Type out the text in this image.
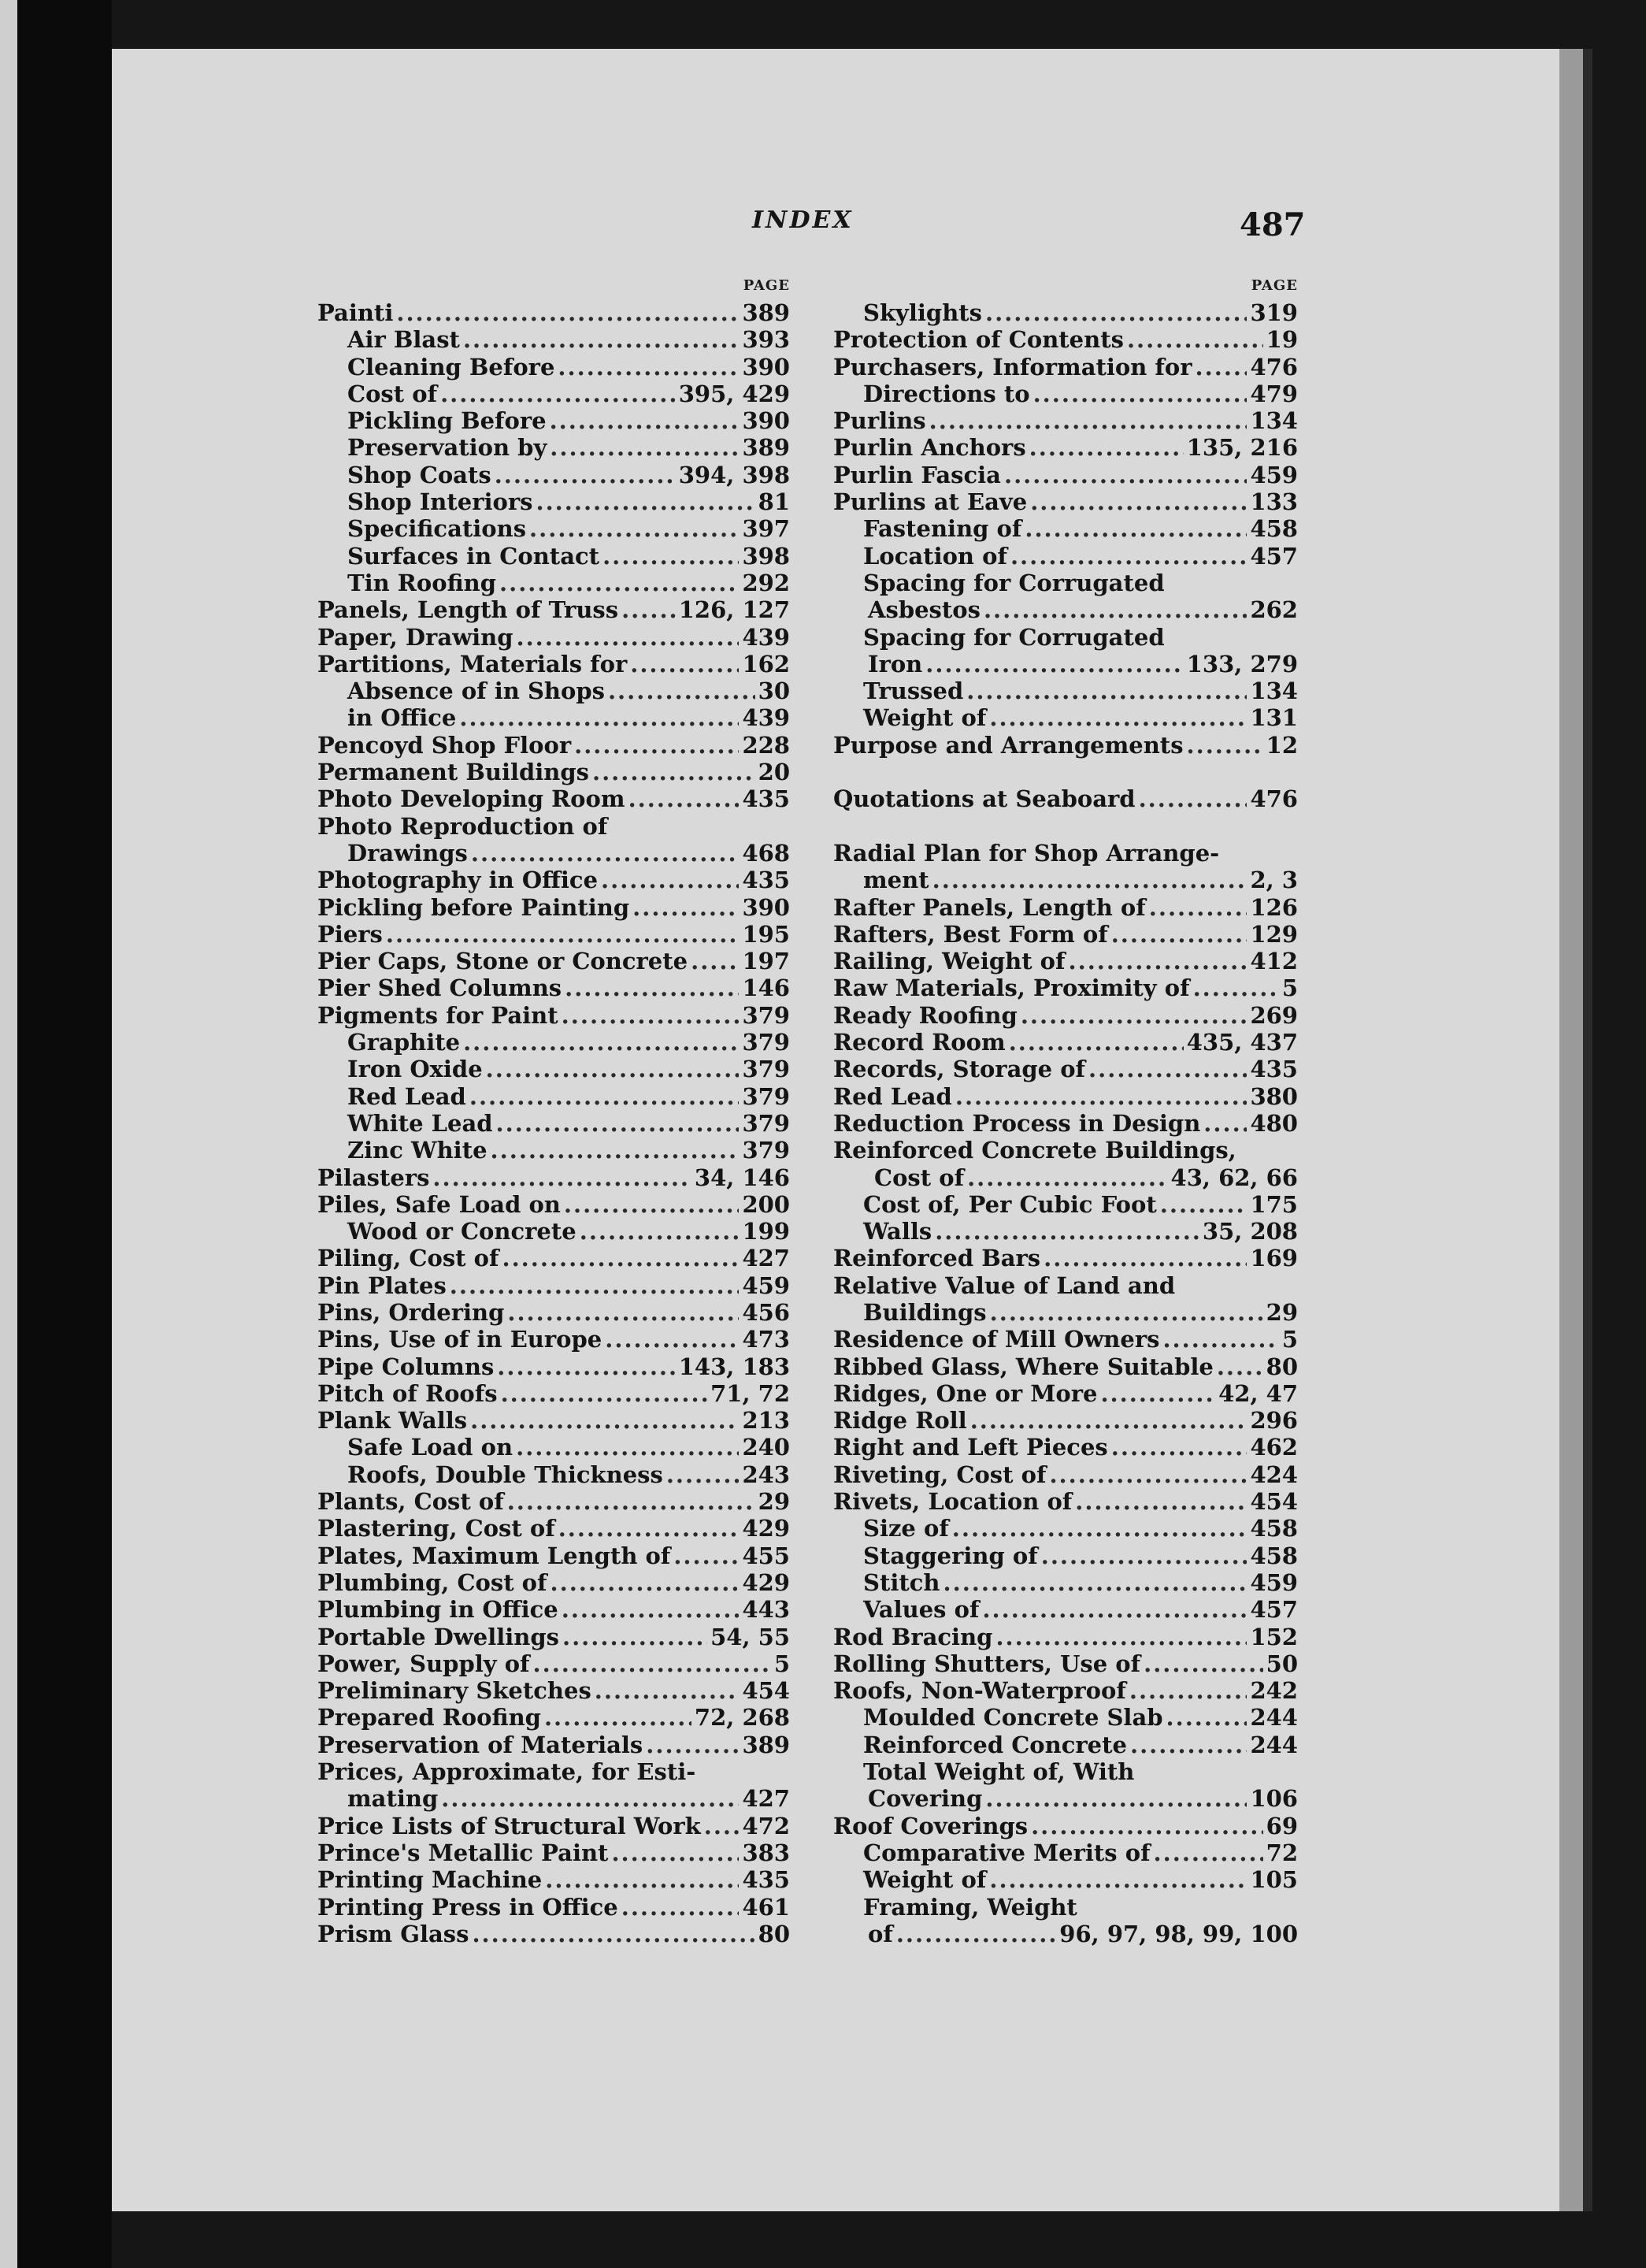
INDEX	487
PAGE
Painti .....	389
Air Blast .....	393
Cleaning Before .....	390
Cost of .....	395, 429
Pickling Before .....	390
Preservation by .....	389
Shop Coats .....	394, 398
Shop Interiors .....	81
Specifications .....	397
Surfaces in Contact .....	398
Tin Roofing .....	292
Panels, Length of Truss .....	126, 127
Paper, Drawing .....	439
Partitions, Materials for .....	162
Absence of in Shops .....	30
in Office .....	439
Pencoyd Shop Floor .....	228
Permanent Buildings .....	20
Photo Developing Room .....	435
Photo Reproduction of
Drawings .....	468
Photography in Office .....	435
Pickling before Painting .....	390
Piers .....	195
Pier Caps, Stone or Concrete ..... 197
Pier Shed Columns .....	146
Pigments for Paint .....	379
Graphite .....	379
Iron Oxide .....	379
Red Lead .....	379
White Lead .....	379
Zinc White .....	379
Pilasters .....	34, 146
Piles, Safe Load on .....	200
Wood or Concrete .....	199
Piling, Cost of .....	427
Pin Plates .....	459
Pins, Ordering .....	456
Pins, Use of in Europe .....	473
Pipe Columns .....	143, 183
Pitch of Roofs .....	71, 72
Plank Walls .....	213
Safe Load on .....	240
Roofs, Double Thickness .....	243
Plants, Cost of .....	29
Plastering, Cost of .....	429
Plates, Maximum Length of .....	455
Plumbing, Cost of .....	429
Plumbing in Office .....	443
Portable Dwellings .....	54, 55
Power, Supply of .....	5
Preliminary Sketches .....	454
Prepared Roofing .....	72, 268
Preservation of Materials .....	389
Prices, Approximate, for Esti-
mating .....	427
Price Lists of Structural Work ..... 472
Prince's Metallic Paint .....	383
Printing Machine .....	435
Printing Press in Office .....	461
Prism Glass .....	80
PAGE
Skylights .....	319
Protection of Contents .....	19
Purchasers, Information for .....	476
Directions to .....	479
Purlins .....	134
Purlin Anchors .....	135, 216
Purlin Fascia .....	459
Purlins at Eave .....	133
Fastening of .....	458
Location of .....	457
Spacing for Corrugated
Asbestos .....	262
Spacing for Corrugated
Iron .....	133, 279
Trussed .....	134
Weight of .....	131
Purpose and Arrangements .....	12
Quotations at Seaboard .....	476
Radial Plan for Shop Arrange-
ment .....	2, 3
Rafter Panels, Length of .....	126
Rafters, Best Form of .....	129
Railing, Weight of .....	412
Raw Materials, Proximity of .....	5
Ready Roofing .....	269
Record Room .....	435, 437
Records, Storage of .....	435
Red Lead .....	380
Reduction Process in Design ..... 480
Reinforced Concrete Buildings,
Cost of .....	43, 62, 66
Cost of, Per Cubic Foot .....	175
Walls .....	35, 208
Reinforced Bars .....	169
Relative Value of Land and
Buildings .....	29
Residence of Mill Owners .....	5
Ribbed Glass, Where Suitable ..... 80
Ridges, One or More .....	42, 47
Ridge Roll .....	296
Right and Left Pieces .....	462
Riveting, Cost of .....	424
Rivets, Location of .....	454
Size of .....	458
Staggering of .....	458
Stitch .....	459
Values of .....	457
Rod Bracing .....	152
Rolling Shutters, Use of .....	50
Roofs, Non-Waterproof .....	242
Moulded Concrete Slab .....	244
Reinforced Concrete .....	244
Total Weight of, With
Covering .....	106
Roof Coverings .....	69
Comparative Merits of .....	72
Weight of .....	105
Framing, Weight
of .....	96, 97, 98, 99, 100
